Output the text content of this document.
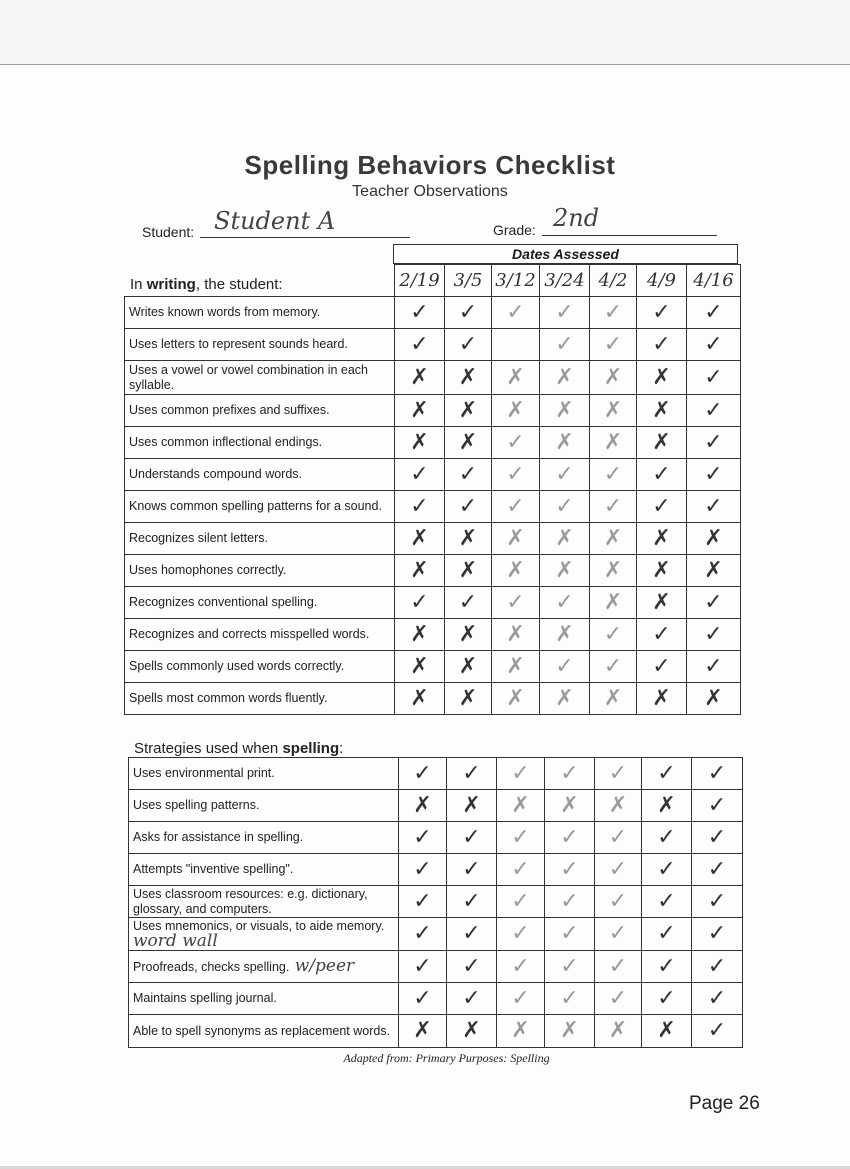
Spelling Behaviors Checklist
Teacher Observations
Student: Student A	Grade: 2nd
Dates Assessed
In writing, the student:
		2/19	3/5	3/12	3/24	4/2	4/9	4/16
Writes known words from memory.	✓	✓	✓	✓	✓	✓	✓
Uses letters to represent sounds heard.	✓	✓		✓	✓	✓	✓
Uses a vowel or vowel combination in each syllable.	✗	✗	✗	✗	✗	✗	✓
Uses common prefixes and suffixes.	✗	✗	✗	✗	✗	✗	✓
Uses common inflectional endings.	✗	✗	✓	✗	✗	✗	✓
Understands compound words.	✓	✓	✓	✓	✓	✓	✓
Knows common spelling patterns for a sound.	✓	✓	✓	✓	✓	✓	✓
Recognizes silent letters.	✗	✗	✗	✗	✗	✗	✗
Uses homophones correctly.	✗	✗	✗	✗	✗	✗	✗
Recognizes conventional spelling.	✓	✓	✓	✓	✗	✗	✓
Recognizes and corrects misspelled words.	✗	✗	✗	✗	✓	✓	✓
Spells commonly used words correctly.	✗	✗	✗	✓	✓	✓	✓
Spells most common words fluently.	✗	✗	✗	✗	✗	✗	✗
Strategies used when spelling:
Uses environmental print.	✓	✓	✓	✓	✓	✓	✓
Uses spelling patterns.	✗	✗	✗	✗	✗	✗	✓
Asks for assistance in spelling.	✓	✓	✓	✓	✓	✓	✓
Attempts "inventive spelling".	✓	✓	✓	✓	✓	✓	✓
Uses classroom resources: e.g. dictionary, glossary, and computers.	✓	✓	✓	✓	✓	✓	✓
Uses mnemonics, or visuals, to aide memory. word wall	✓	✓	✓	✓	✓	✓	✓
Proofreads, checks spelling. w/peer	✓	✓	✓	✓	✓	✓	✓
Maintains spelling journal.	✓	✓	✓	✓	✓	✓	✓
Able to spell synonyms as replacement words.	✗	✗	✗	✗	✗	✗	✓
Adapted from: Primary Purposes: Spelling
Page 26
